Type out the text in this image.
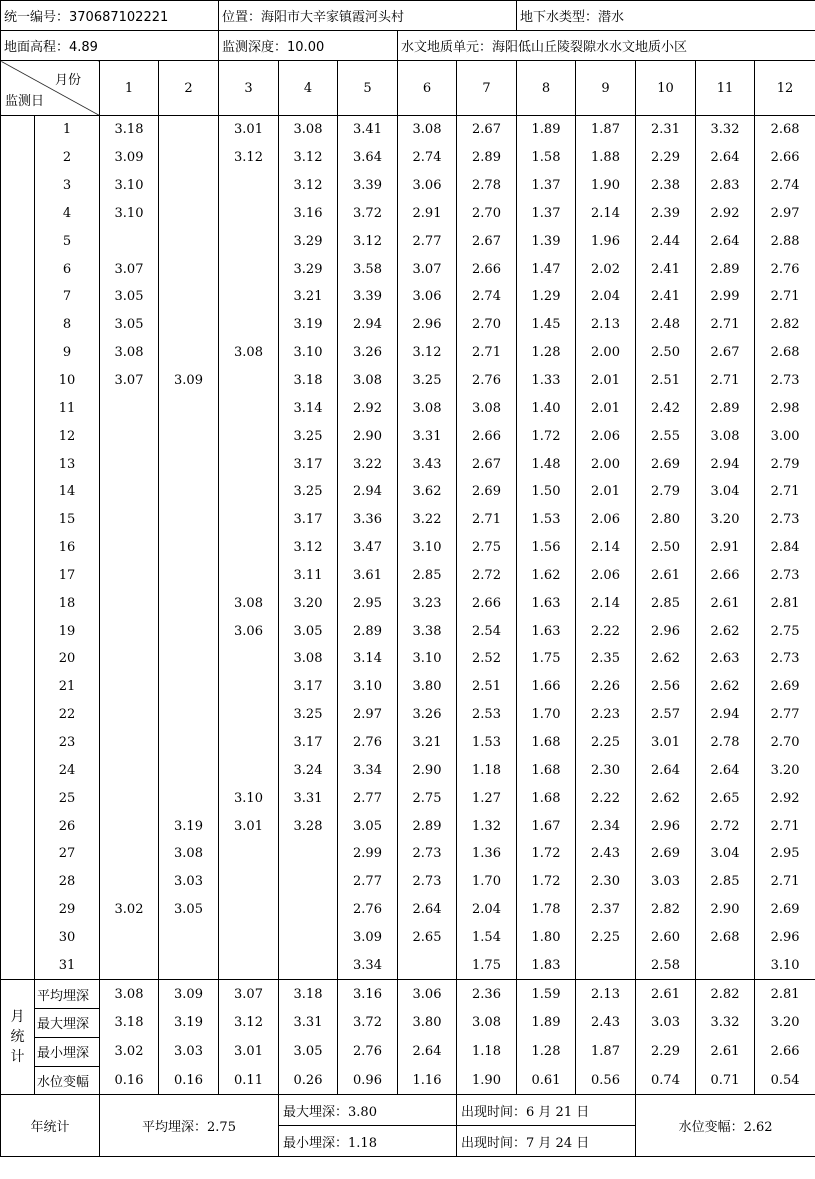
统一编号：370687102221				位置：海阳市大辛家镇霞河头村					地下水类型：潜水				
地面高程：4.89				监测深度：10.00			水文地质单元：海阳低山丘陵裂隙水水文地质小区						

月份
监测日		1	2	3	4	5	6	7	8	9	10	11	12
	1	3.18		3.01	3.08	3.41	3.08	2.67	1.89	1.87	2.31	3.32	2.68
	2	3.09		3.12	3.12	3.64	2.74	2.89	1.58	1.88	2.29	2.64	2.66
	3	3.10			3.12	3.39	3.06	2.78	1.37	1.90	2.38	2.83	2.74
	4	3.10			3.16	3.72	2.91	2.70	1.37	2.14	2.39	2.92	2.97
	5				3.29	3.12	2.77	2.67	1.39	1.96	2.44	2.64	2.88
	6	3.07			3.29	3.58	3.07	2.66	1.47	2.02	2.41	2.89	2.76
	7	3.05			3.21	3.39	3.06	2.74	1.29	2.04	2.41	2.99	2.71
	8	3.05			3.19	2.94	2.96	2.70	1.45	2.13	2.48	2.71	2.82
	9	3.08		3.08	3.10	3.26	3.12	2.71	1.28	2.00	2.50	2.67	2.68
	10	3.07	3.09		3.18	3.08	3.25	2.76	1.33	2.01	2.51	2.71	2.73
	11				3.14	2.92	3.08	3.08	1.40	2.01	2.42	2.89	2.98
	12				3.25	2.90	3.31	2.66	1.72	2.06	2.55	3.08	3.00
	13				3.17	3.22	3.43	2.67	1.48	2.00	2.69	2.94	2.79
	14				3.25	2.94	3.62	2.69	1.50	2.01	2.79	3.04	2.71
	15				3.17	3.36	3.22	2.71	1.53	2.06	2.80	3.20	2.73
	16				3.12	3.47	3.10	2.75	1.56	2.14	2.50	2.91	2.84
	17				3.11	3.61	2.85	2.72	1.62	2.06	2.61	2.66	2.73
	18			3.08	3.20	2.95	3.23	2.66	1.63	2.14	2.85	2.61	2.81
	19			3.06	3.05	2.89	3.38	2.54	1.63	2.22	2.96	2.62	2.75
	20				3.08	3.14	3.10	2.52	1.75	2.35	2.62	2.63	2.73
	21				3.17	3.10	3.80	2.51	1.66	2.26	2.56	2.62	2.69
	22				3.25	2.97	3.26	2.53	1.70	2.23	2.57	2.94	2.77
	23				3.17	2.76	3.21	1.53	1.68	2.25	3.01	2.78	2.70
	24				3.24	3.34	2.90	1.18	1.68	2.30	2.64	2.64	3.20
	25			3.10	3.31	2.77	2.75	1.27	1.68	2.22	2.62	2.65	2.92
	26		3.19	3.01	3.28	3.05	2.89	1.32	1.67	2.34	2.96	2.72	2.71
	27		3.08			2.99	2.73	1.36	1.72	2.43	2.69	3.04	2.95
	28		3.03			2.77	2.73	1.70	1.72	2.30	3.03	2.85	2.71
	29	3.02	3.05			2.76	2.64	2.04	1.78	2.37	2.82	2.90	2.69
	30					3.09	2.65	1.54	1.80	2.25	2.60	2.68	2.96
	31					3.34		1.75	1.83		2.58		3.10

月
统
计	平均埋深	3.08	3.09	3.07	3.18	3.16	3.06	2.36	1.59	2.13	2.61	2.82	2.81
	最大埋深	3.18	3.19	3.12	3.31	3.72	3.80	3.08	1.89	2.43	3.03	3.32	3.20
	最小埋深	3.02	3.03	3.01	3.05	2.76	2.64	1.18	1.28	1.87	2.29	2.61	2.66
	水位变幅	0.16	0.16	0.11	0.26	0.96	1.16	1.90	0.61	0.56	0.74	0.71	0.54
年统计		平均埋深：2.75			最大埋深：3.80			出现时间：6 月 21 日			水位变幅：2.62		
					最小埋深：1.18			出现时间：7 月 24 日					
